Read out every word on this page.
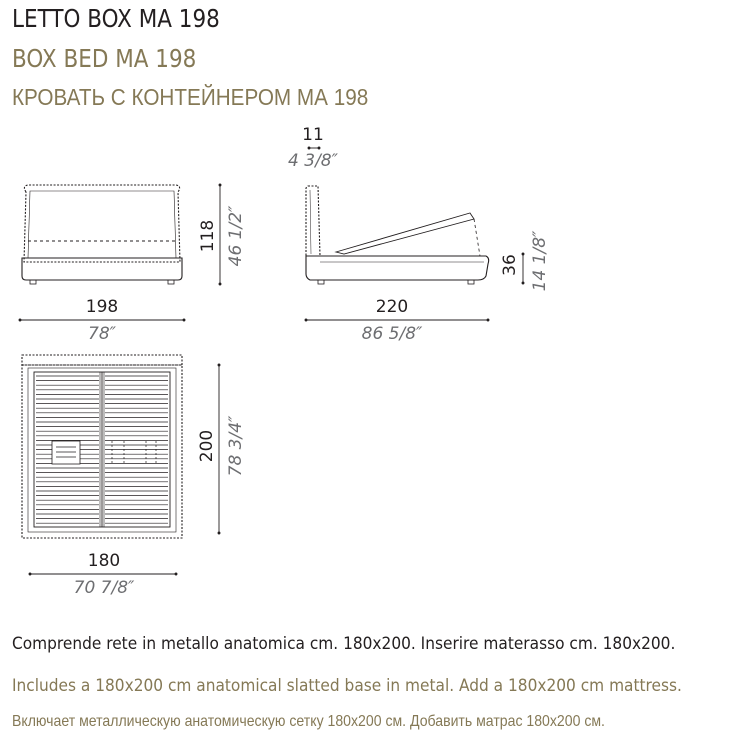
LETTO BOX MA 198
BOX BED MA 198
КРОВАТЬ С КОНТЕЙНЕРОМ МА 198
198
78″
118 46 1/2″
11
4 3/8″
220
86 5/8″
36 14 1/8″
180
70 7/8″
200 78 3/4″

Comprende rete in metallo anatomica cm. 180x200. Inserire materasso cm. 180x200.

Includes a 180x200 cm anatomical slatted base in metal. Add a 180x200 cm mattress.

Включает металлическую анатомическую сетку 180x200 см. Добавить матрас 180x200 см.
